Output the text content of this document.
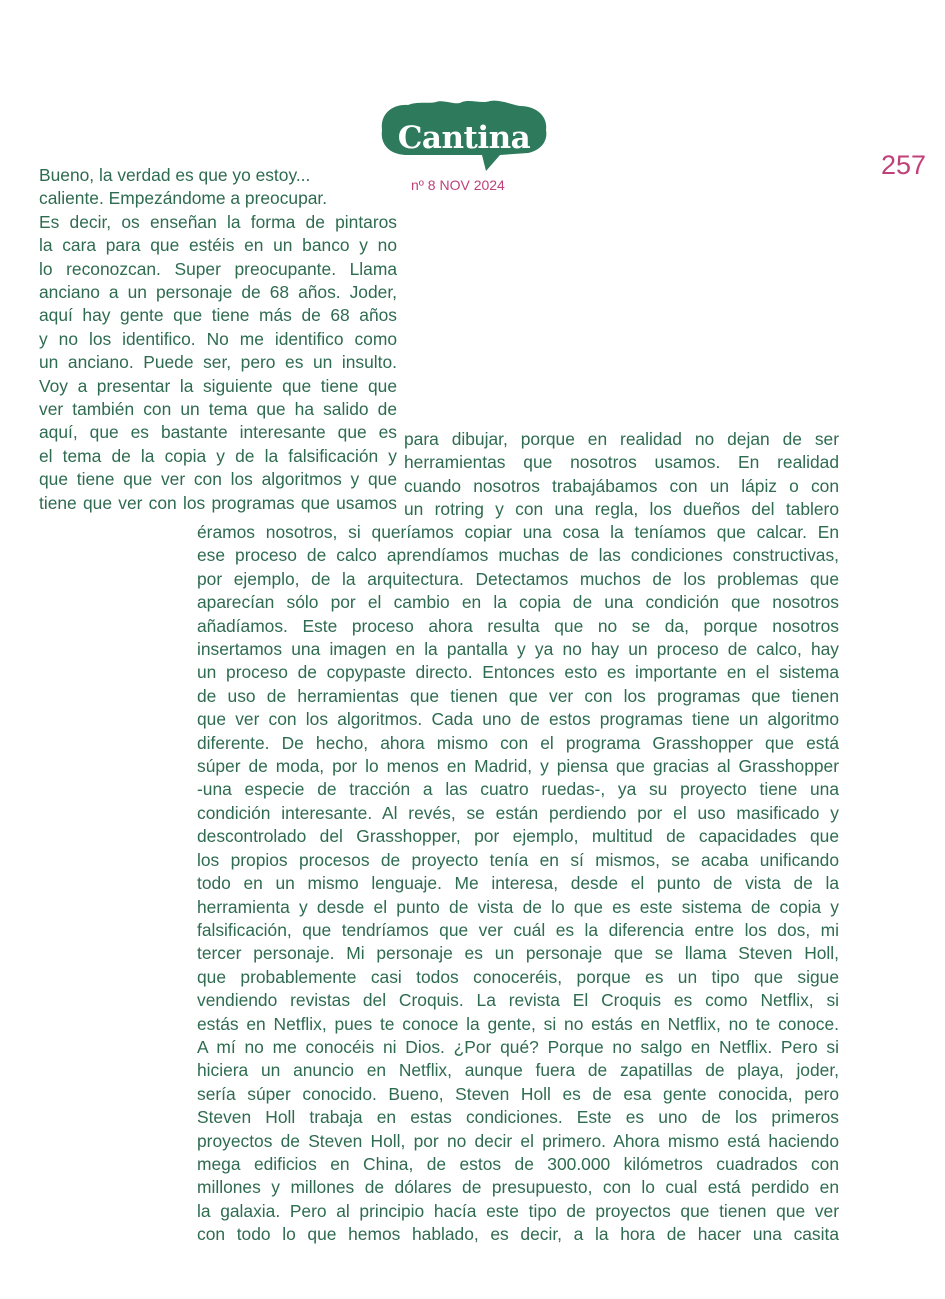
Cantina
nº 8 NOV 2024
257
Bueno, la verdad es que yo estoy...
caliente. Empezándome a preocupar.
Es decir, os enseñan la forma de pintaros
la cara para que estéis en un banco y no
lo reconozcan. Super preocupante. Llama
anciano a un personaje de 68 años. Joder,
aquí hay gente que tiene más de 68 años
y no los identifico. No me identifico como
un anciano. Puede ser, pero es un insulto.
Voy a presentar la siguiente que tiene que
ver también con un tema que ha salido de
aquí, que es bastante interesante que es
el tema de la copia y de la falsificación y
que tiene que ver con los algoritmos y que
tiene que ver con los programas que usamos
para dibujar, porque en realidad no dejan de ser
herramientas que nosotros usamos. En realidad
cuando nosotros trabajábamos con un lápiz o con
un rotring y con una regla, los dueños del tablero
éramos nosotros, si queríamos copiar una cosa la teníamos que calcar. En
ese proceso de calco aprendíamos muchas de las condiciones constructivas,
por ejemplo, de la arquitectura. Detectamos muchos de los problemas que
aparecían sólo por el cambio en la copia de una condición que nosotros
añadíamos. Este proceso ahora resulta que no se da, porque nosotros
insertamos una imagen en la pantalla y ya no hay un proceso de calco, hay
un proceso de copypaste directo. Entonces esto es importante en el sistema
de uso de herramientas que tienen que ver con los programas que tienen
que ver con los algoritmos. Cada uno de estos programas tiene un algoritmo
diferente. De hecho, ahora mismo con el programa Grasshopper que está
súper de moda, por lo menos en Madrid, y piensa que gracias al Grasshopper
-una especie de tracción a las cuatro ruedas-, ya su proyecto tiene una
condición interesante. Al revés, se están perdiendo por el uso masificado y
descontrolado del Grasshopper, por ejemplo, multitud de capacidades que
los propios procesos de proyecto tenía en sí mismos, se acaba unificando
todo en un mismo lenguaje. Me interesa, desde el punto de vista de la
herramienta y desde el punto de vista de lo que es este sistema de copia y
falsificación, que tendríamos que ver cuál es la diferencia entre los dos, mi
tercer personaje. Mi personaje es un personaje que se llama Steven Holl,
que probablemente casi todos conoceréis, porque es un tipo que sigue
vendiendo revistas del Croquis. La revista El Croquis es como Netflix, si
estás en Netflix, pues te conoce la gente, si no estás en Netflix, no te conoce.
A mí no me conocéis ni Dios. ¿Por qué? Porque no salgo en Netflix. Pero si
hiciera un anuncio en Netflix, aunque fuera de zapatillas de playa, joder,
sería súper conocido. Bueno, Steven Holl es de esa gente conocida, pero
Steven Holl trabaja en estas condiciones. Este es uno de los primeros
proyectos de Steven Holl, por no decir el primero. Ahora mismo está haciendo
mega edificios en China, de estos de 300.000 kilómetros cuadrados con
millones y millones de dólares de presupuesto, con lo cual está perdido en
la galaxia. Pero al principio hacía este tipo de proyectos que tienen que ver
con todo lo que hemos hablado, es decir, a la hora de hacer una casita
